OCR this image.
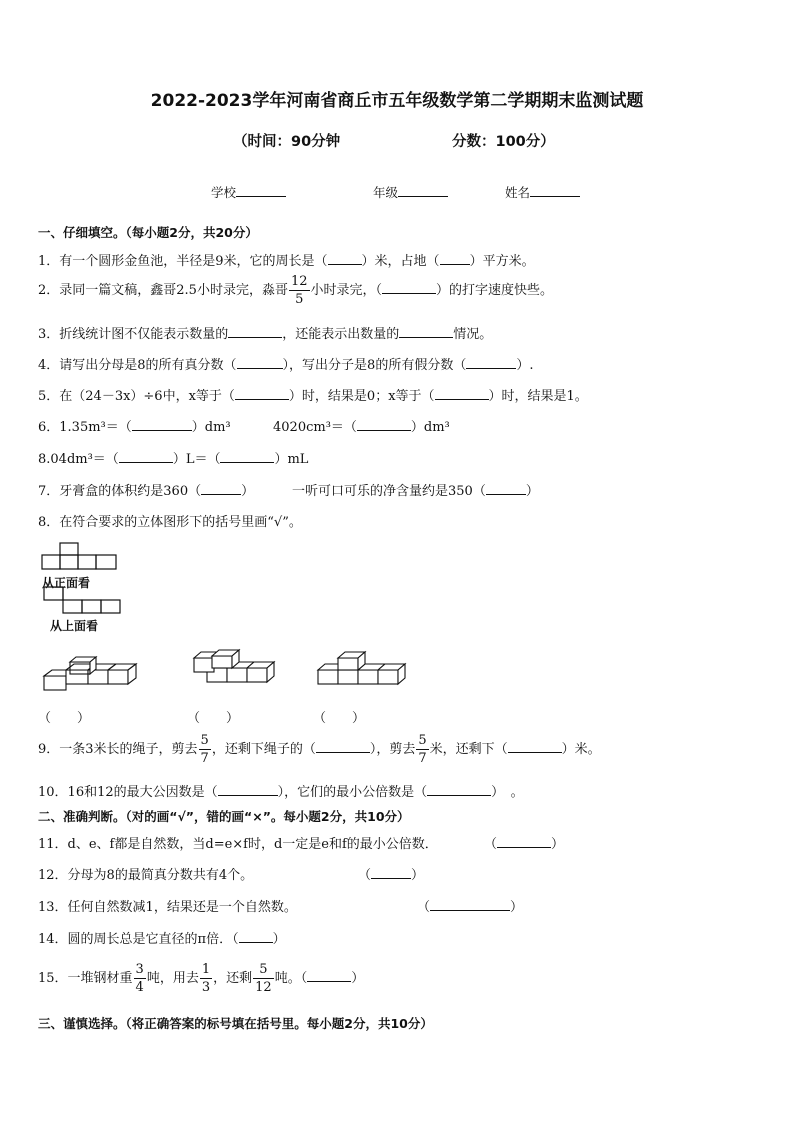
2022-2023学年河南省商丘市五年级数学第二学期期末监测试题
（时间：90分钟	分数：100分）
学校	年级	姓名
一、仔细填空。（每小题2分，共20分）
1．有一个圆形金鱼池，半径是9米，它的周长是（	）米，占地（ ）平方米。
2．录同一篇文稿，鑫哥2.5小时录完，淼哥 $\frac{12}{5}$ 小时录完，（	）的打字速度快些。
3．折线统计图不仅能表示数量的	，还能表示出数量的	情况。
4．请写出分母是8的所有真分数（	），写出分子是8的所有假分数（	）.
5．在（24－3x）÷6中，x等于（	）时，结果是0；x等于（	）时，结果是1。
6．1.35m³＝（	）dm³	4020cm³＝（	）dm³
8.04dm³＝（	）L＝（	）mL
7．牙膏盒的体积约是360（	）	一听可口可乐的净含量约是350（	）
8．在符合要求的立体图形下的括号里画“√”。
从正面看
从上面看
（　　）	（　　）	（　　）
9．一条3米长的绳子，剪去 $\frac{5}{7}$ ，还剩下绳子的（	），剪去 $\frac{5}{7}$ 米，还剩下（	）米。
10．16和12的最大公因数是（	），它们的最小公倍数是（	）　。
二、准确判断。（对的画“√”，错的画“×”。每小题2分，共10分）
11．d、e、f都是自然数，当d=e×f时，d一定是e和f的最小公倍数．	（	）
12．分母为8的最简真分数共有4个。	（	）
13．任何自然数减1，结果还是一个自然数。	（	）
14．圆的周长总是它直径的π倍．（	）
15．一堆钢材重 $\frac{3}{4}$ 吨，用去 $\frac{1}{3}$ ，还剩 $\frac{5}{12}$ 吨。（	）
三、谨慎选择。（将正确答案的标号填在括号里。每小题2分，共10分）
